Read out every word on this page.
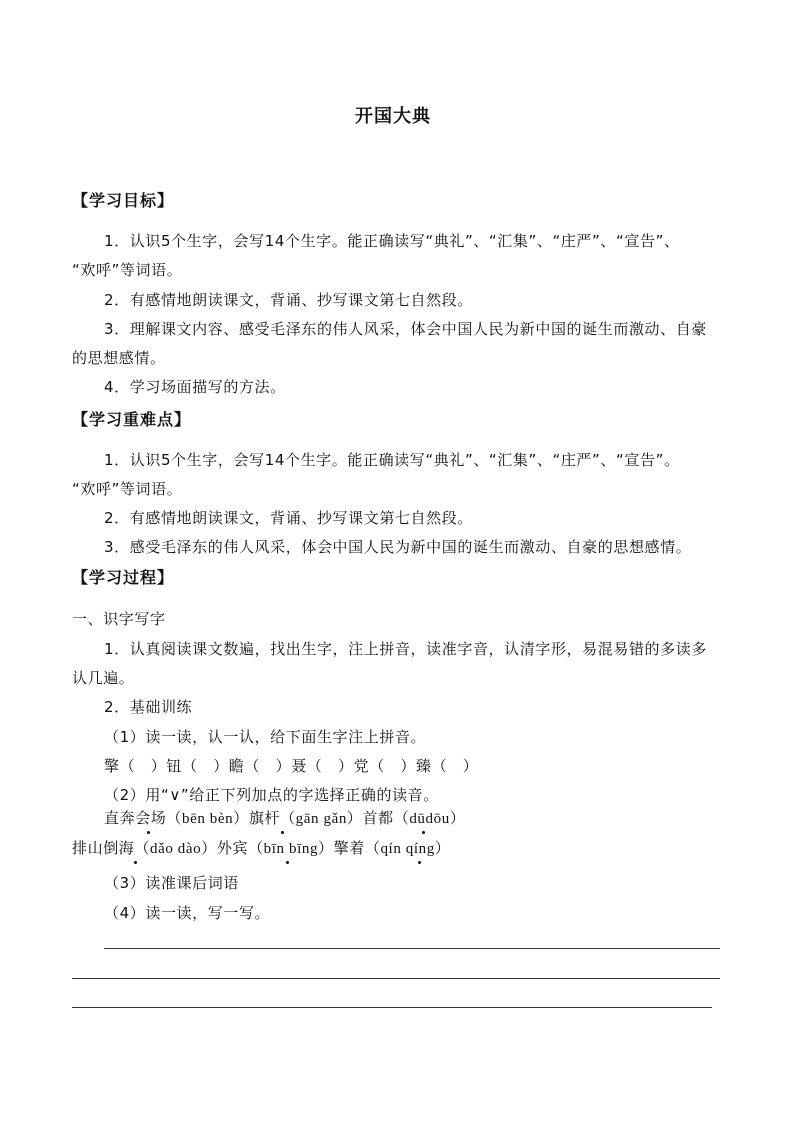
开国大典
【学习目标】
1．认识5个生字，会写14个生字。能正确读写“典礼”、“汇集”、“庄严”、“宣告”、
“欢呼”等词语。
2．有感情地朗读课文，背诵、抄写课文第七自然段。
3．理解课文内容、感受毛泽东的伟人风采，体会中国人民为新中国的诞生而激动、自豪
的思想感情。
4．学习场面描写的方法。
【学习重难点】
1．认识5个生字，会写14个生字。能正确读写“典礼”、“汇集”、“庄严”、“宣告”。
“欢呼”等词语。
2．有感情地朗读课文，背诵、抄写课文第七自然段。
3．感受毛泽东的伟人风采，体会中国人民为新中国的诞生而激动、自豪的思想感情。
【学习过程】
一、识字写字
1．认真阅读课文数遍，找出生字，注上拼音，读准字音，认清字形，易混易错的多读多
认几遍。
2．基础训练
（1）读一读，认一认，给下面生字注上拼音。
擎（　）钮（　）瞻（　）聂（　）党（　）臻（　）
（2）用“∨”给正下列加点的字选择正确的读音。
直奔会场（bēn bèn）旗杆（gān gǎn）首都（dūdōu）
排山倒海（dǎo dào）外宾（bīn bīng）擎着（qín qíng）
（3）读准课后词语
（4）读一读，写一写。
